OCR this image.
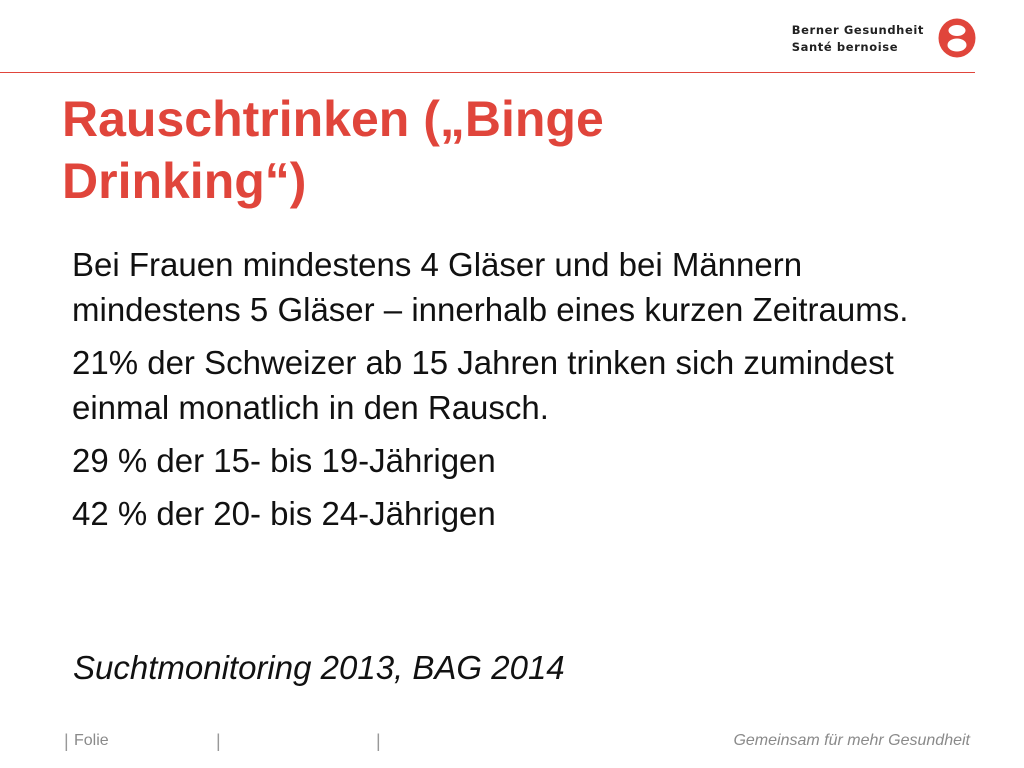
Berner Gesundheit
Santé bernoise
Rauschtrinken („Binge Drinking“)

Bei Frauen mindestens 4 Gläser und bei Männern mindestens 5 Gläser – innerhalb eines kurzen Zeitraums.

21% der Schweizer ab 15 Jahren trinken sich zumindest einmal monatlich in den Rausch.

29 % der 15- bis 19-Jährigen

42 % der 20- bis 24-Jährigen

Suchtmonitoring 2013, BAG 2014
| Folie	|	|	Gemeinsam für mehr Gesundheit
